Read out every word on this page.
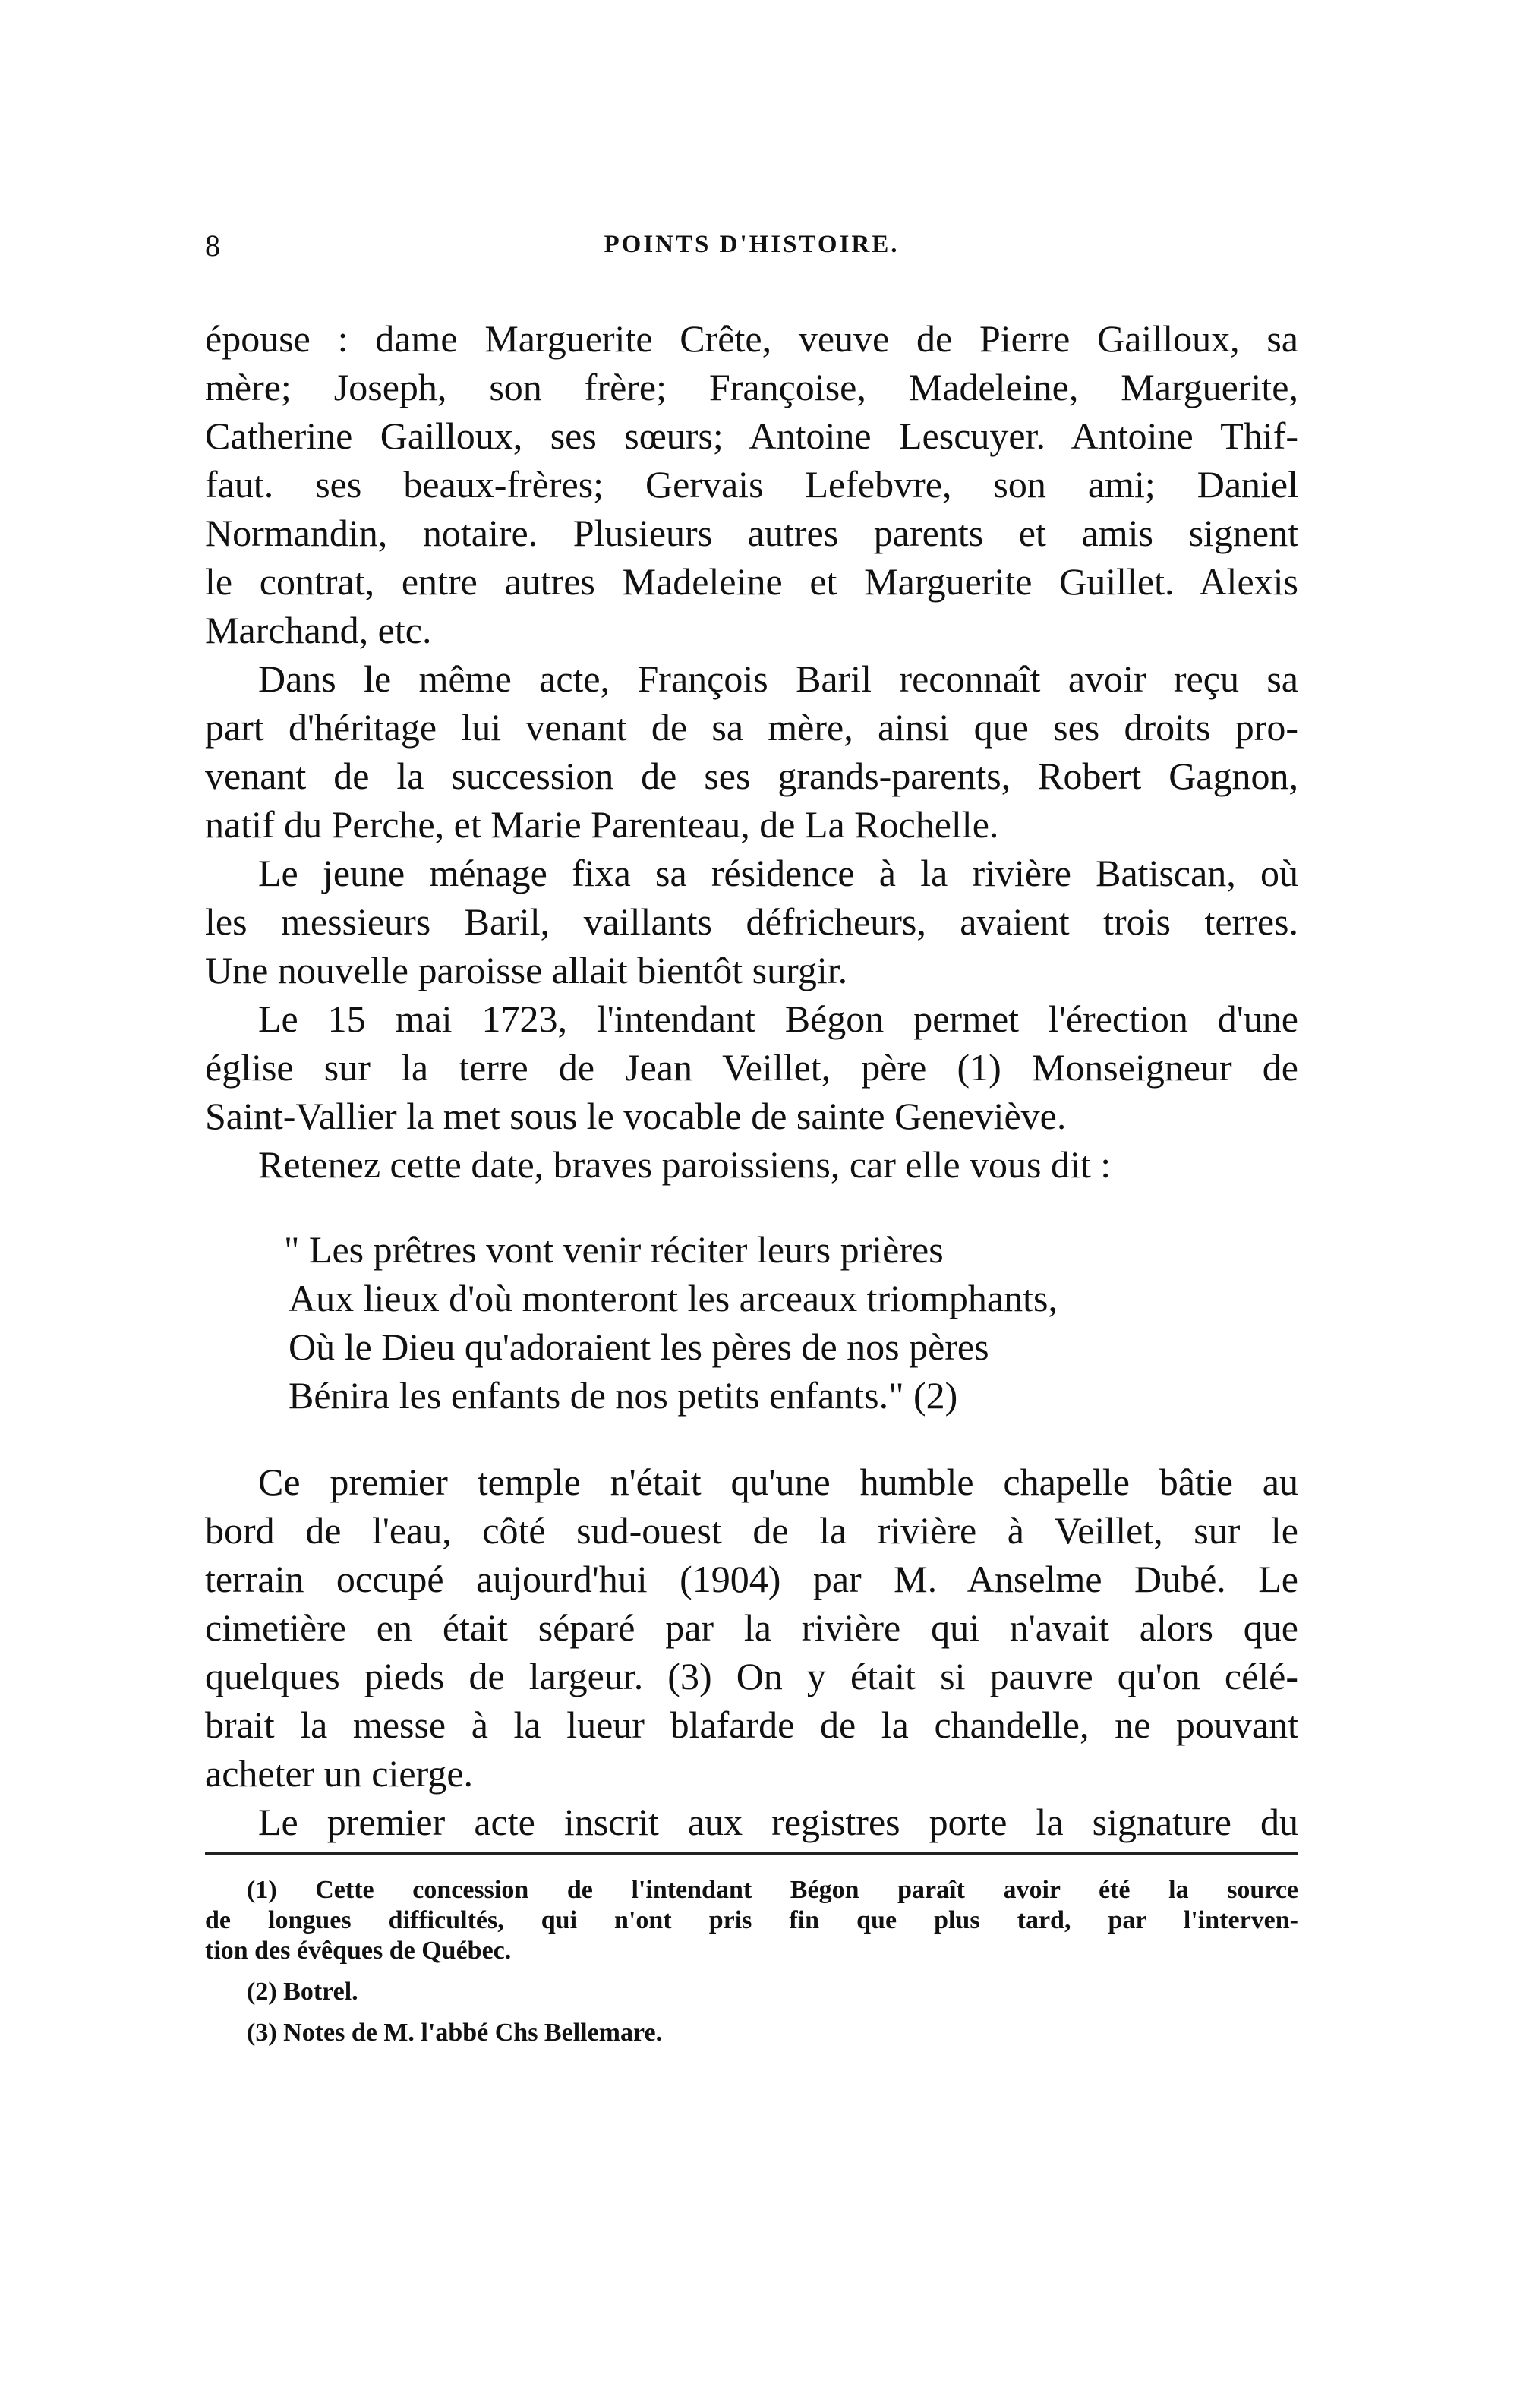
8	POINTS D'HISTOIRE.
épouse : dame Marguerite Crête, veuve de Pierre Gailloux, sa
mère; Joseph, son frère; Françoise, Madeleine, Marguerite,
Catherine Gailloux, ses sœurs; Antoine Lescuyer. Antoine Thif-
faut. ses beaux-frères; Gervais Lefebvre, son ami; Daniel
Normandin, notaire. Plusieurs autres parents et amis signent
le contrat, entre autres Madeleine et Marguerite Guillet. Alexis
Marchand, etc.
Dans le même acte, François Baril reconnaît avoir reçu sa
part d'héritage lui venant de sa mère, ainsi que ses droits pro-
venant de la succession de ses grands-parents, Robert Gagnon,
natif du Perche, et Marie Parenteau, de La Rochelle.
Le jeune ménage fixa sa résidence à la rivière Batiscan, où
les messieurs Baril, vaillants défricheurs, avaient trois terres.
Une nouvelle paroisse allait bientôt surgir.
Le 15 mai 1723, l'intendant Bégon permet l'érection d'une
église sur la terre de Jean Veillet, père (1) Monseigneur de
Saint-Vallier la met sous le vocable de sainte Geneviève.
Retenez cette date, braves paroissiens, car elle vous dit :
" Les prêtres vont venir réciter leurs prières
Aux lieux d'où monteront les arceaux triomphants,
Où le Dieu qu'adoraient les pères de nos pères
Bénira les enfants de nos petits enfants." (2)
Ce premier temple n'était qu'une humble chapelle bâtie au
bord de l'eau, côté sud-ouest de la rivière à Veillet, sur le
terrain occupé aujourd'hui (1904) par M. Anselme Dubé. Le
cimetière en était séparé par la rivière qui n'avait alors que
quelques pieds de largeur. (3) On y était si pauvre qu'on célé-
brait la messe à la lueur blafarde de la chandelle, ne pouvant
acheter un cierge.
Le premier acte inscrit aux registres porte la signature du
(1) Cette concession de l'intendant Bégon paraît avoir été la source
de longues difficultés, qui n'ont pris fin que plus tard, par l'interven-
tion des évêques de Québec.
(2) Botrel.
(3) Notes de M. l'abbé Chs Bellemare.
